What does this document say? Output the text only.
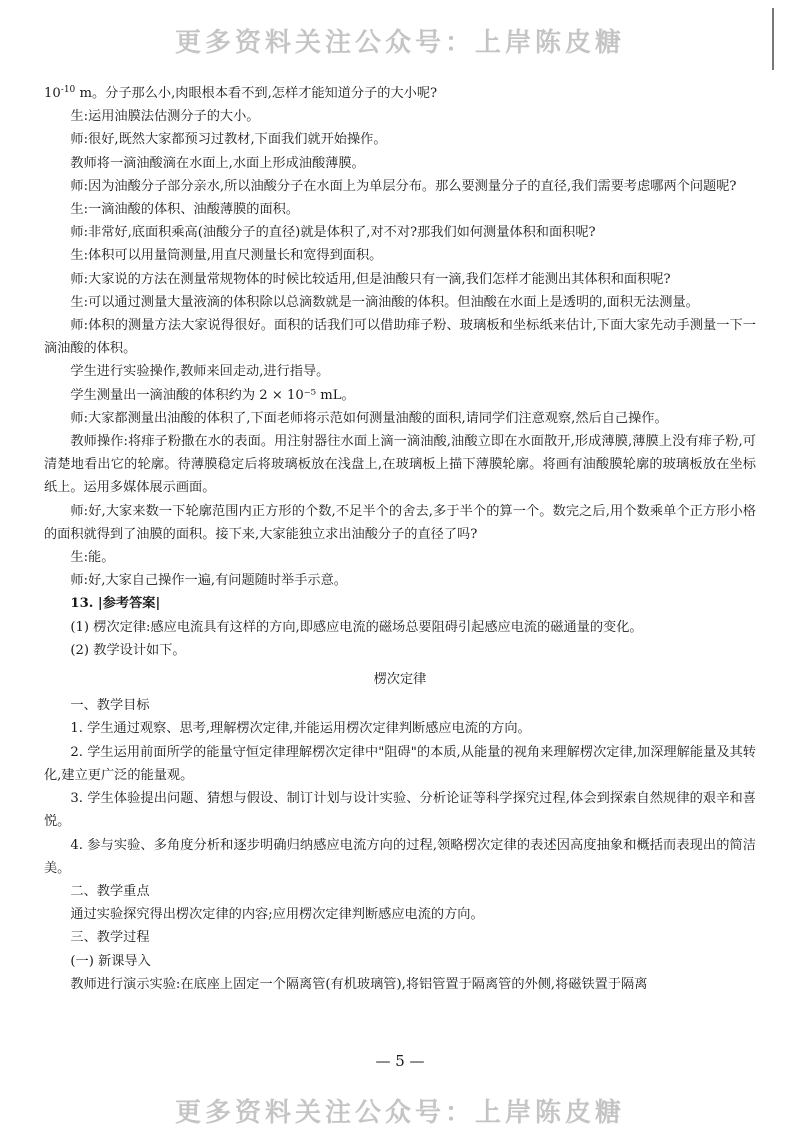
更多资料关注公众号：上岸陈皮糖

$10^{-10}$ m。分子那么小,肉眼根本看不到,怎样才能知道分子的大小呢?

生:运用油膜法估测分子的大小。

师:很好,既然大家都预习过教材,下面我们就开始操作。

教师将一滴油酸滴在水面上,水面上形成油酸薄膜。

师:因为油酸分子部分亲水,所以油酸分子在水面上为单层分布。那么要测量分子的直径,我们需要考虑哪两个问题呢?

生:一滴油酸的体积、油酸薄膜的面积。

师:非常好,底面积乘高(油酸分子的直径)就是体积了,对不对?那我们如何测量体积和面积呢?

生:体积可以用量筒测量,用直尺测量长和宽得到面积。

师:大家说的方法在测量常规物体的时候比较适用,但是油酸只有一滴,我们怎样才能测出其体积和面积呢?

生:可以通过测量大量液滴的体积除以总滴数就是一滴油酸的体积。但油酸在水面上是透明的,面积无法测量。

师:体积的测量方法大家说得很好。面积的话我们可以借助痱子粉、玻璃板和坐标纸来估计,下面大家先动手测量一下一滴油酸的体积。

学生进行实验操作,教师来回走动,进行指导。

学生测量出一滴油酸的体积约为 2 × 10⁻⁵ mL。

师:大家都测量出油酸的体积了,下面老师将示范如何测量油酸的面积,请同学们注意观察,然后自己操作。

教师操作:将痱子粉撒在水的表面。用注射器往水面上滴一滴油酸,油酸立即在水面散开,形成薄膜,薄膜上没有痱子粉,可清楚地看出它的轮廓。待薄膜稳定后将玻璃板放在浅盘上,在玻璃板上描下薄膜轮廓。将画有油酸膜轮廓的玻璃板放在坐标纸上。运用多媒体展示画面。

师:好,大家来数一下轮廓范围内正方形的个数,不足半个的舍去,多于半个的算一个。数完之后,用个数乘单个正方形小格的面积就得到了油膜的面积。接下来,大家能独立求出油酸分子的直径了吗?

生:能。

师:好,大家自己操作一遍,有问题随时举手示意。

13. |参考答案|

(1) 楞次定律:感应电流具有这样的方向,即感应电流的磁场总要阻碍引起感应电流的磁通量的变化。

(2) 教学设计如下。

楞次定律

一、教学目标

1. 学生通过观察、思考,理解楞次定律,并能运用楞次定律判断感应电流的方向。

2. 学生运用前面所学的能量守恒定律理解楞次定律中"阻碍"的本质,从能量的视角来理解楞次定律,加深理解能量及其转化,建立更广泛的能量观。

3. 学生体验提出问题、猜想与假设、制订计划与设计实验、分析论证等科学探究过程,体会到探索自然规律的艰辛和喜悦。

4. 参与实验、多角度分析和逐步明确归纳感应电流方向的过程,领略楞次定律的表述因高度抽象和概括而表现出的简洁美。

二、教学重点

通过实验探究得出楞次定律的内容;应用楞次定律判断感应电流的方向。

三、教学过程

(一) 新课导入

教师进行演示实验:在底座上固定一个隔离管(有机玻璃管),将铝管置于隔离管的外侧,将磁铁置于隔离

— 5 —
更多资料关注公众号：上岸陈皮糖
